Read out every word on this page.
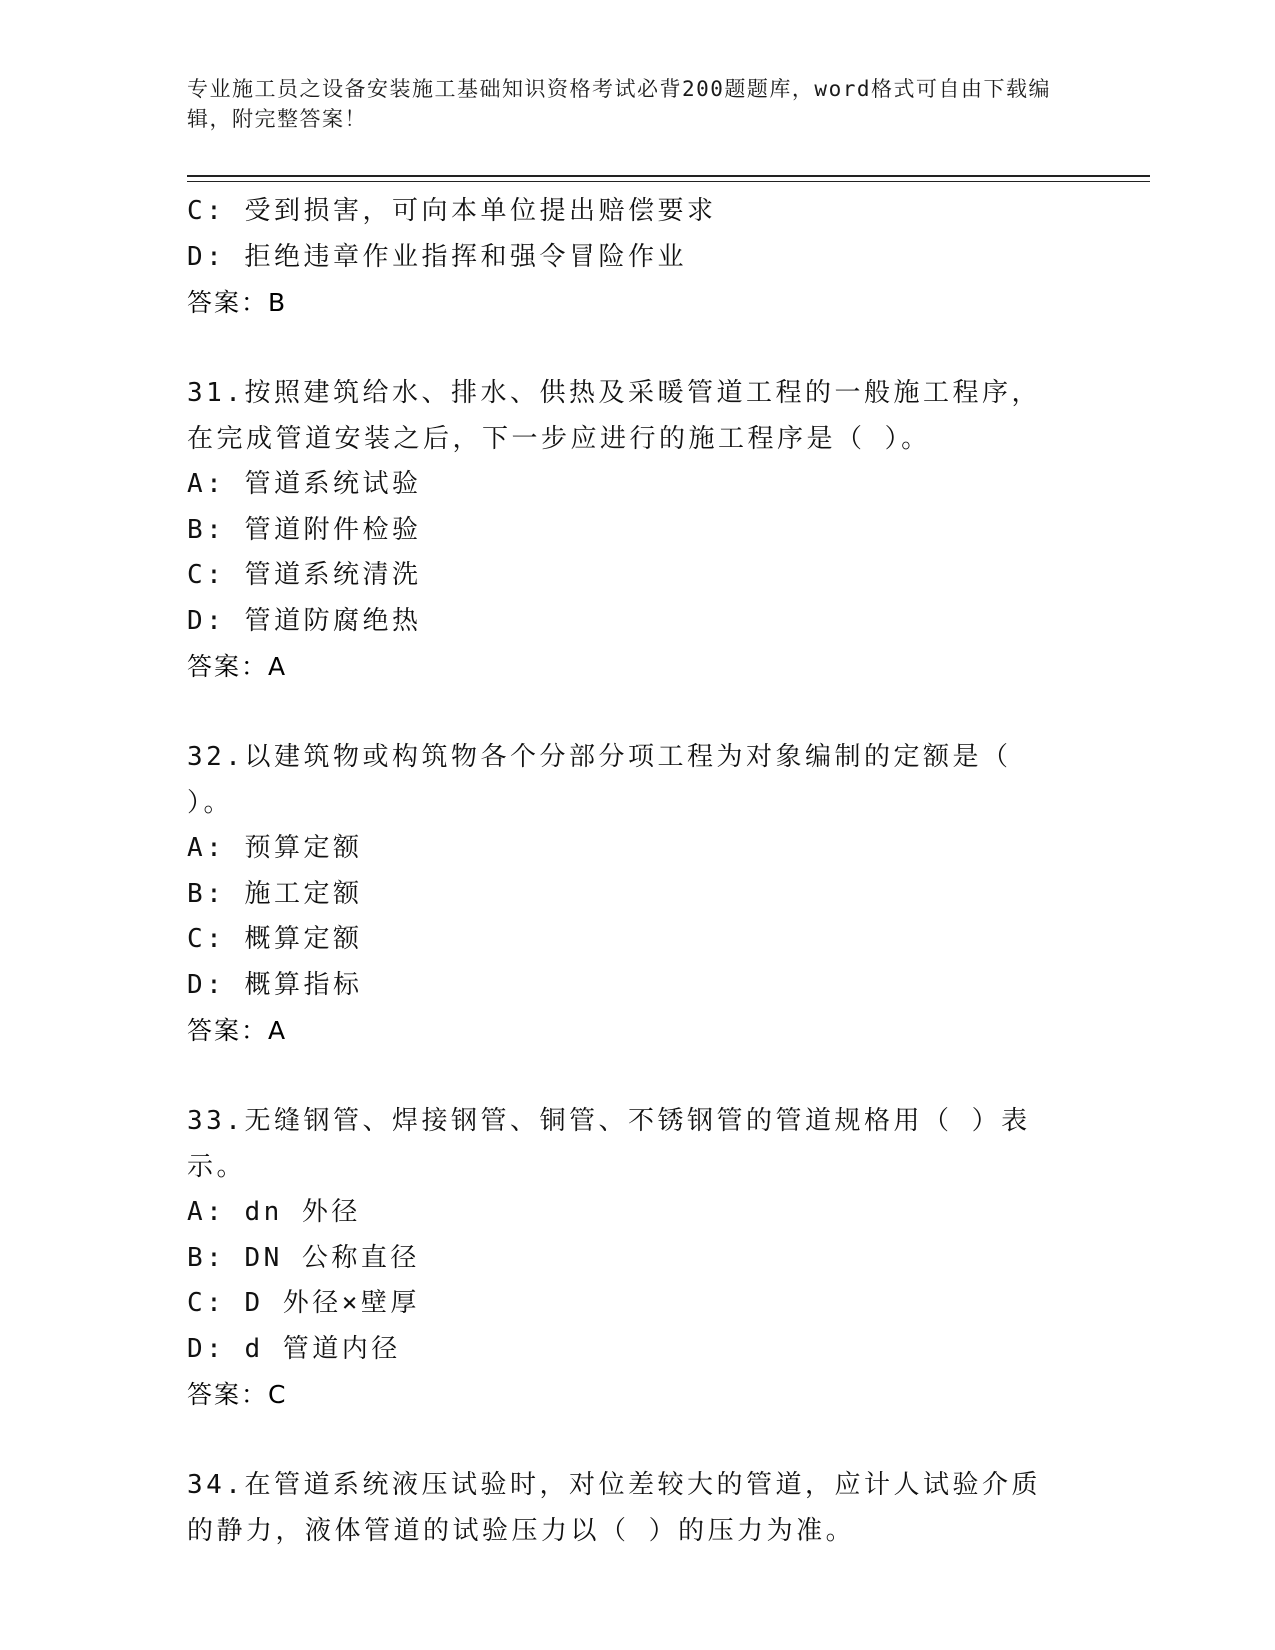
专业施工员之设备安装施工基础知识资格考试必背200题题库，word格式可自由下载编辑，附完整答案！
C: 受到损害，可向本单位提出赔偿要求
D: 拒绝违章作业指挥和强令冒险作业
答案：B
31.按照建筑给水、排水、供热及采暖管道工程的一般施工程序，在完成管道安装之后，下一步应进行的施工程序是（ ）。
A: 管道系统试验
B: 管道附件检验
C: 管道系统清洗
D: 管道防腐绝热
答案：A
32.以建筑物或构筑物各个分部分项工程为对象编制的定额是（ ）。
A: 预算定额
B: 施工定额
C: 概算定额
D: 概算指标
答案：A
33.无缝钢管、焊接钢管、铜管、不锈钢管的管道规格用（ ）表示。
A: dn 外径
B: DN 公称直径
C: D 外径×壁厚
D: d 管道内径
答案：C
34.在管道系统液压试验时，对位差较大的管道，应计人试验介质的静力，液体管道的试验压力以（ ）的压力为准。
